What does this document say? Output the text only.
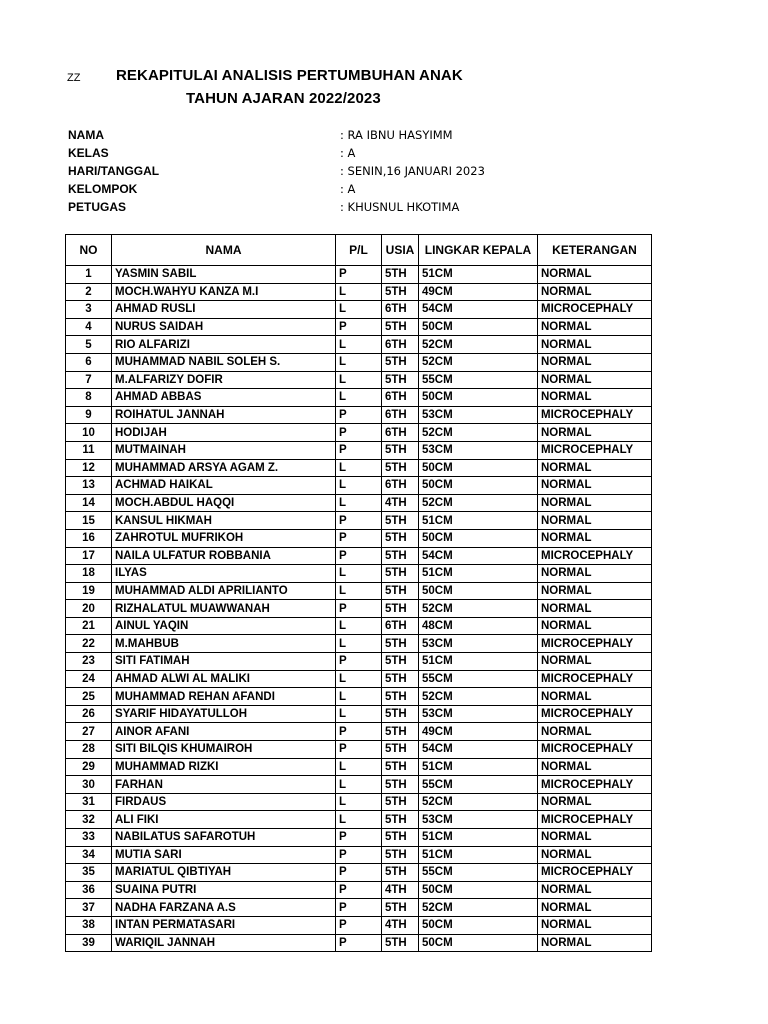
ZZ REKAPITULAI ANALISIS PERTUMBUHAN ANAK
TAHUN AJARAN 2022/2023
NAMA	: RA IBNU HASYIMM
KELAS	: A
HARI/TANGGAL	: SENIN,16 JANUARI 2023
KELOMPOK	: A
PETUGAS	: KHUSNUL HKOTIMA
NO	NAMA	P/L	USIA	LINGKAR KEPALA	KETERANGAN
1	YASMIN SABIL	P	5TH	51CM	NORMAL
2	MOCH.WAHYU KANZA M.I	L	5TH	49CM	NORMAL
3	AHMAD RUSLI	L	6TH	54CM	MICROCEPHALY
4	NURUS SAIDAH	P	5TH	50CM	NORMAL
5	RIO ALFARIZI	L	6TH	52CM	NORMAL
6	MUHAMMAD NABIL SOLEH S.	L	5TH	52CM	NORMAL
7	M.ALFARIZY DOFIR	L	5TH	55CM	NORMAL
8	AHMAD ABBAS	L	6TH	50CM	NORMAL
9	ROIHATUL JANNAH	P	6TH	53CM	MICROCEPHALY
10	HODIJAH	P	6TH	52CM	NORMAL
11	MUTMAINAH	P	5TH	53CM	MICROCEPHALY
12	MUHAMMAD ARSYA AGAM Z.	L	5TH	50CM	NORMAL
13	ACHMAD HAIKAL	L	6TH	50CM	NORMAL
14	MOCH.ABDUL HAQQI	L	4TH	52CM	NORMAL
15	KANSUL HIKMAH	P	5TH	51CM	NORMAL
16	ZAHROTUL MUFRIKOH	P	5TH	50CM	NORMAL
17	NAILA ULFATUR ROBBANIA	P	5TH	54CM	MICROCEPHALY
18	ILYAS	L	5TH	51CM	NORMAL
19	MUHAMMAD ALDI APRILIANTO	L	5TH	50CM	NORMAL
20	RIZHALATUL MUAWWANAH	P	5TH	52CM	NORMAL
21	AINUL YAQIN	L	6TH	48CM	NORMAL
22	M.MAHBUB	L	5TH	53CM	MICROCEPHALY
23	SITI FATIMAH	P	5TH	51CM	NORMAL
24	AHMAD ALWI AL MALIKI	L	5TH	55CM	MICROCEPHALY
25	MUHAMMAD REHAN AFANDI	L	5TH	52CM	NORMAL
26	SYARIF HIDAYATULLOH	L	5TH	53CM	MICROCEPHALY
27	AINOR AFANI	P	5TH	49CM	NORMAL
28	SITI BILQIS KHUMAIROH	P	5TH	54CM	MICROCEPHALY
29	MUHAMMAD RIZKI	L	5TH	51CM	NORMAL
30	FARHAN	L	5TH	55CM	MICROCEPHALY
31	FIRDAUS	L	5TH	52CM	NORMAL
32	ALI FIKI	L	5TH	53CM	MICROCEPHALY
33	NABILATUS SAFAROTUH	P	5TH	51CM	NORMAL
34	MUTIA SARI	P	5TH	51CM	NORMAL
35	MARIATUL QIBTIYAH	P	5TH	55CM	MICROCEPHALY
36	SUAINA PUTRI	P	4TH	50CM	NORMAL
37	NADHA FARZANA A.S	P	5TH	52CM	NORMAL
38	INTAN PERMATASARI	P	4TH	50CM	NORMAL
39	WARIQIL JANNAH	P	5TH	50CM	NORMAL
